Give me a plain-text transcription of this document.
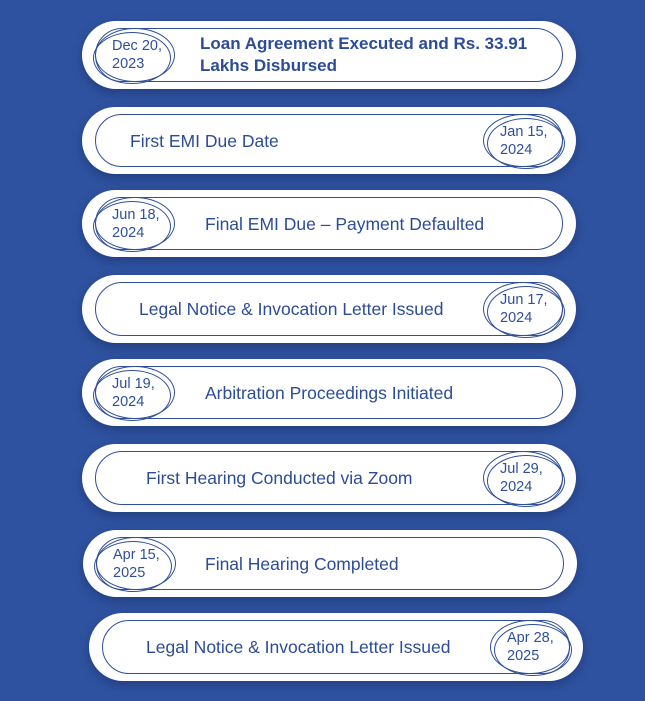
Dec 20,
2023
Loan Agreement Executed and Rs. 33.91
Lakhs Disbursed
First EMI Due Date	Jan 15,
2024
Jun 18,
2024	Final EMI Due – Payment Defaulted
Legal Notice & Invocation Letter Issued	Jun 17,
2024
Jul 19,
2024	Arbitration Proceedings Initiated
First Hearing Conducted via Zoom	Jul 29,
2024
Apr 15,
2025	Final Hearing Completed
Legal Notice & Invocation Letter Issued	Apr 28,
2025
